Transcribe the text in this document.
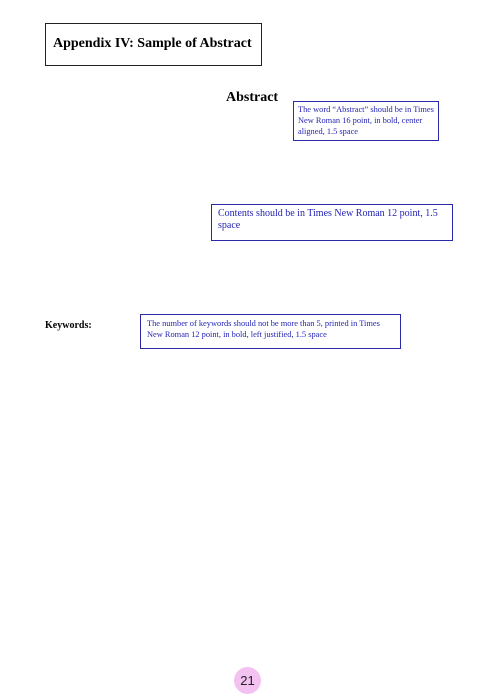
Appendix IV: Sample of Abstract
Abstract
The word “Abstract” should be in Times New Roman 16 point, in bold, center aligned, 1.5 space
Contents should be in Times New Roman 12 point, 1.5 space
Keywords:	The number of keywords should not be more than 5, printed in Times New Roman 12 point, in bold, left justified, 1.5 space
21
